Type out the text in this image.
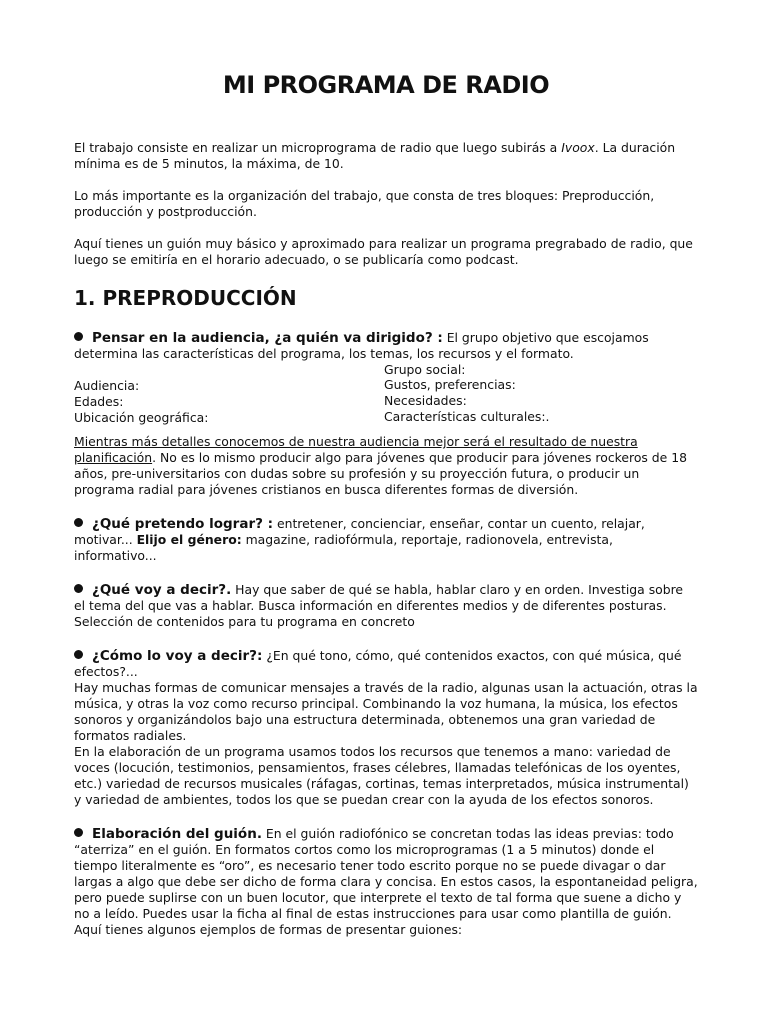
MI PROGRAMA DE RADIO

El trabajo consiste en realizar un microprograma de radio que luego subirás a Ivoox. La duración mínima es de 5 minutos, la máxima, de 10.

Lo más importante es la organización del trabajo, que consta de tres bloques: Preproducción, producción y postproducción.

Aquí tienes un guión muy básico y aproximado para realizar un programa pregrabado de radio, que luego se emitiría en el horario adecuado, o se publicaría como podcast.

1. PREPRODUCCIÓN

Pensar en la audiencia, ¿a quién va dirigido? : El grupo objetivo que escojamos determina las características del programa, los temas, los recursos y el formato.

Grupo social:
Audiencia:	Gustos, preferencias:
Edades:	Necesidades:
Ubicación geográfica:	Características culturales:.

Mientras más detalles conocemos de nuestra audiencia mejor será el resultado de nuestra planificación. No es lo mismo producir algo para jóvenes que producir para jóvenes rockeros de 18 años, pre-universitarios con dudas sobre su profesión y su proyección futura, o producir un programa radial para jóvenes cristianos en busca diferentes formas de diversión.

¿Qué pretendo lograr? : entretener, concienciar, enseñar, contar un cuento, relajar, motivar... Elijo el género: magazine, radiofórmula, reportaje, radionovela, entrevista, informativo...

¿Qué voy a decir?. Hay que saber de qué se habla, hablar claro y en orden. Investiga sobre el tema del que vas a hablar. Busca información en diferentes medios y de diferentes posturas. Selección de contenidos para tu programa en concreto

¿Cómo lo voy a decir?: ¿En qué tono, cómo, qué contenidos exactos, con qué música, qué efectos?...

Hay muchas formas de comunicar mensajes a través de la radio, algunas usan la actuación, otras la música, y otras la voz como recurso principal. Combinando la voz humana, la música, los efectos sonoros y organizándolos bajo una estructura determinada, obtenemos una gran variedad de formatos radiales.

En la elaboración de un programa usamos todos los recursos que tenemos a mano: variedad de voces (locución, testimonios, pensamientos, frases célebres, llamadas telefónicas de los oyentes, etc.) variedad de recursos musicales (ráfagas, cortinas, temas interpretados, música instrumental) y variedad de ambientes, todos los que se puedan crear con la ayuda de los efectos sonoros.

Elaboración del guión. En el guión radiofónico se concretan todas las ideas previas: todo “aterriza” en el guión. En formatos cortos como los microprogramas (1 a 5 minutos) donde el tiempo literalmente es “oro”, es necesario tener todo escrito porque no se puede divagar o dar largas a algo que debe ser dicho de forma clara y concisa. En estos casos, la espontaneidad peligra, pero puede suplirse con un buen locutor, que interprete el texto de tal forma que suene a dicho y no a leído. Puedes usar la ficha al final de estas instrucciones para usar como plantilla de guión. Aquí tienes algunos ejemplos de formas de presentar guiones:
